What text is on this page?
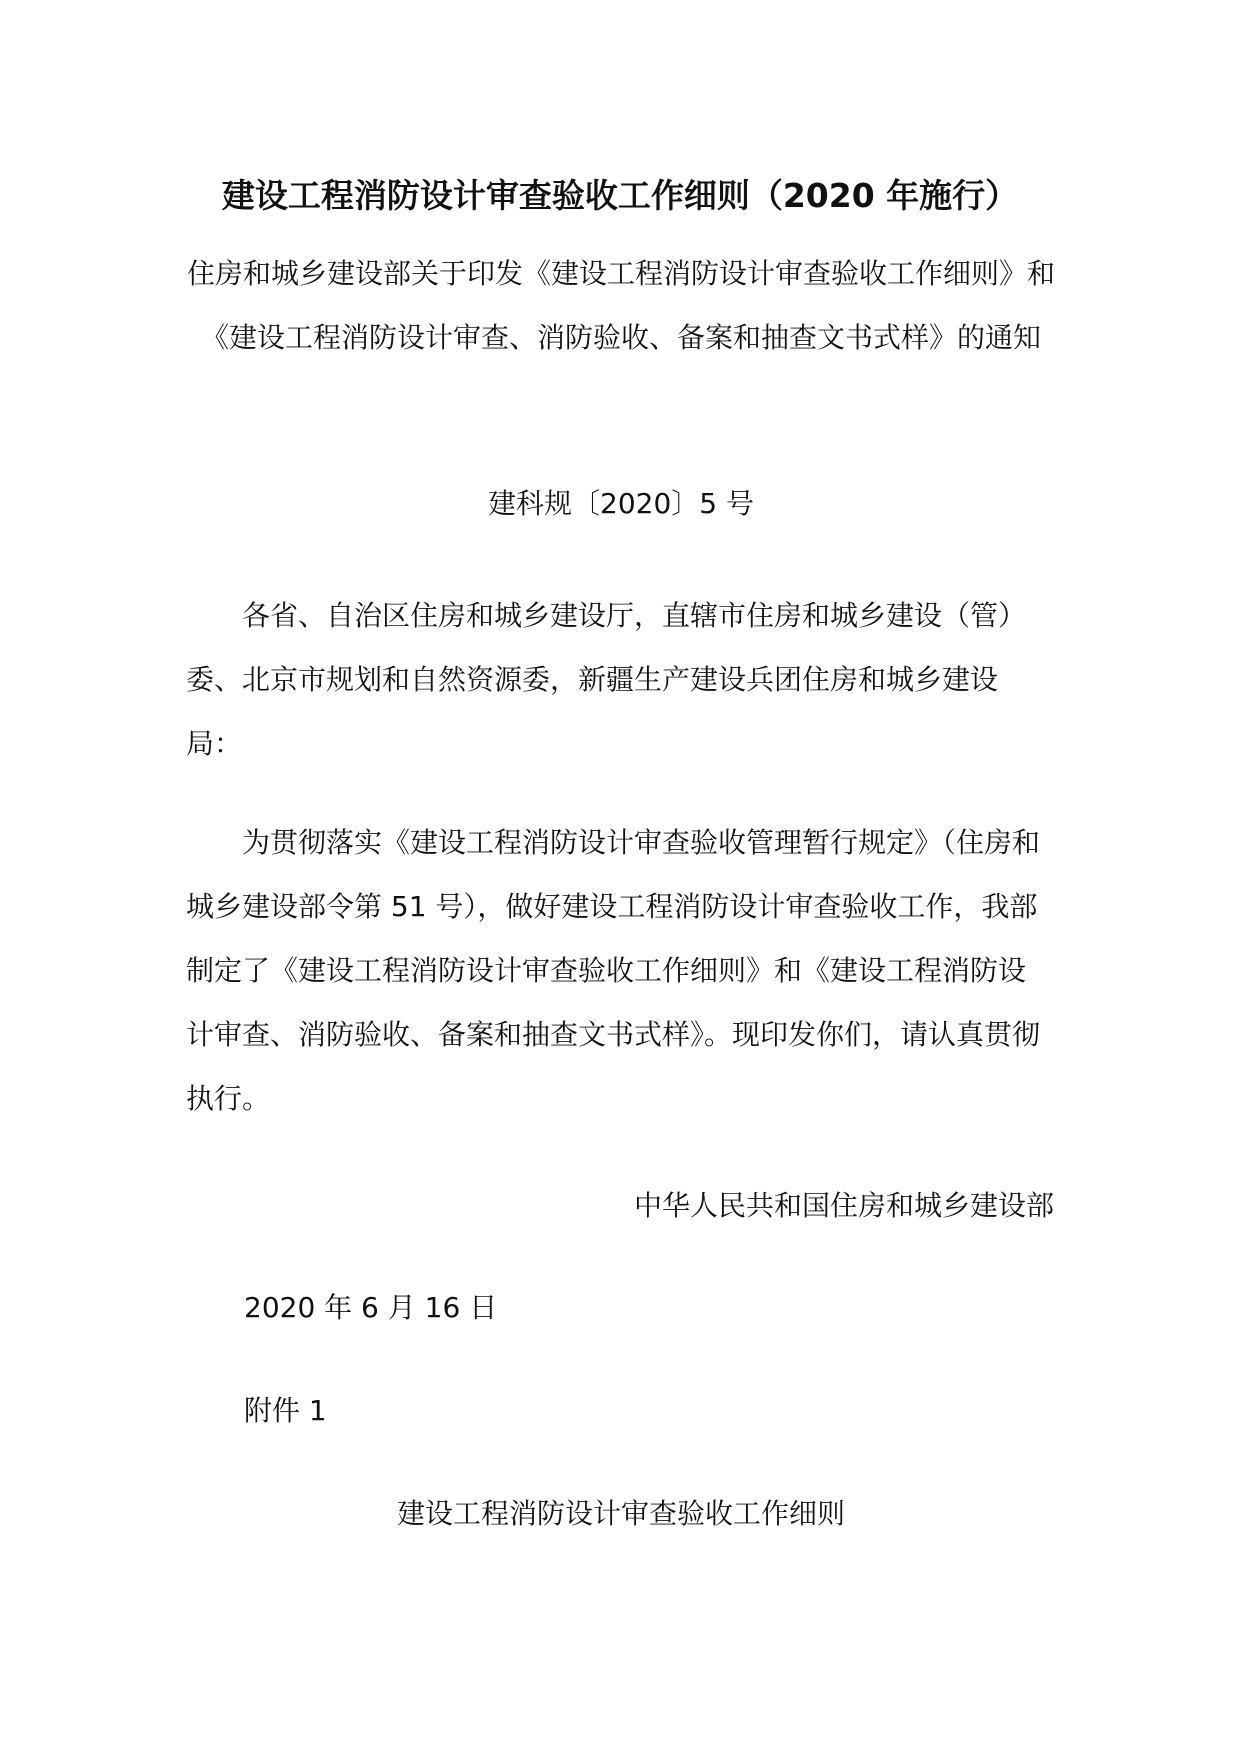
建设工程消防设计审查验收工作细则（2020 年施行）
住房和城乡建设部关于印发《建设工程消防设计审查验收工作细则》和《建设工程消防设计审查、消防验收、备案和抽查文书式样》的通知
建科规〔2020〕5 号
各省、自治区住房和城乡建设厅，直辖市住房和城乡建设（管）委、北京市规划和自然资源委，新疆生产建设兵团住房和城乡建设局：
为贯彻落实《建设工程消防设计审查验收管理暂行规定》（住房和城乡建设部令第 51 号），做好建设工程消防设计审查验收工作，我部制定了《建设工程消防设计审查验收工作细则》和《建设工程消防设计审查、消防验收、备案和抽查文书式样》。现印发你们，请认真贯彻执行。
中华人民共和国住房和城乡建设部
2020 年 6 月 16 日
附件 1
建设工程消防设计审查验收工作细则
